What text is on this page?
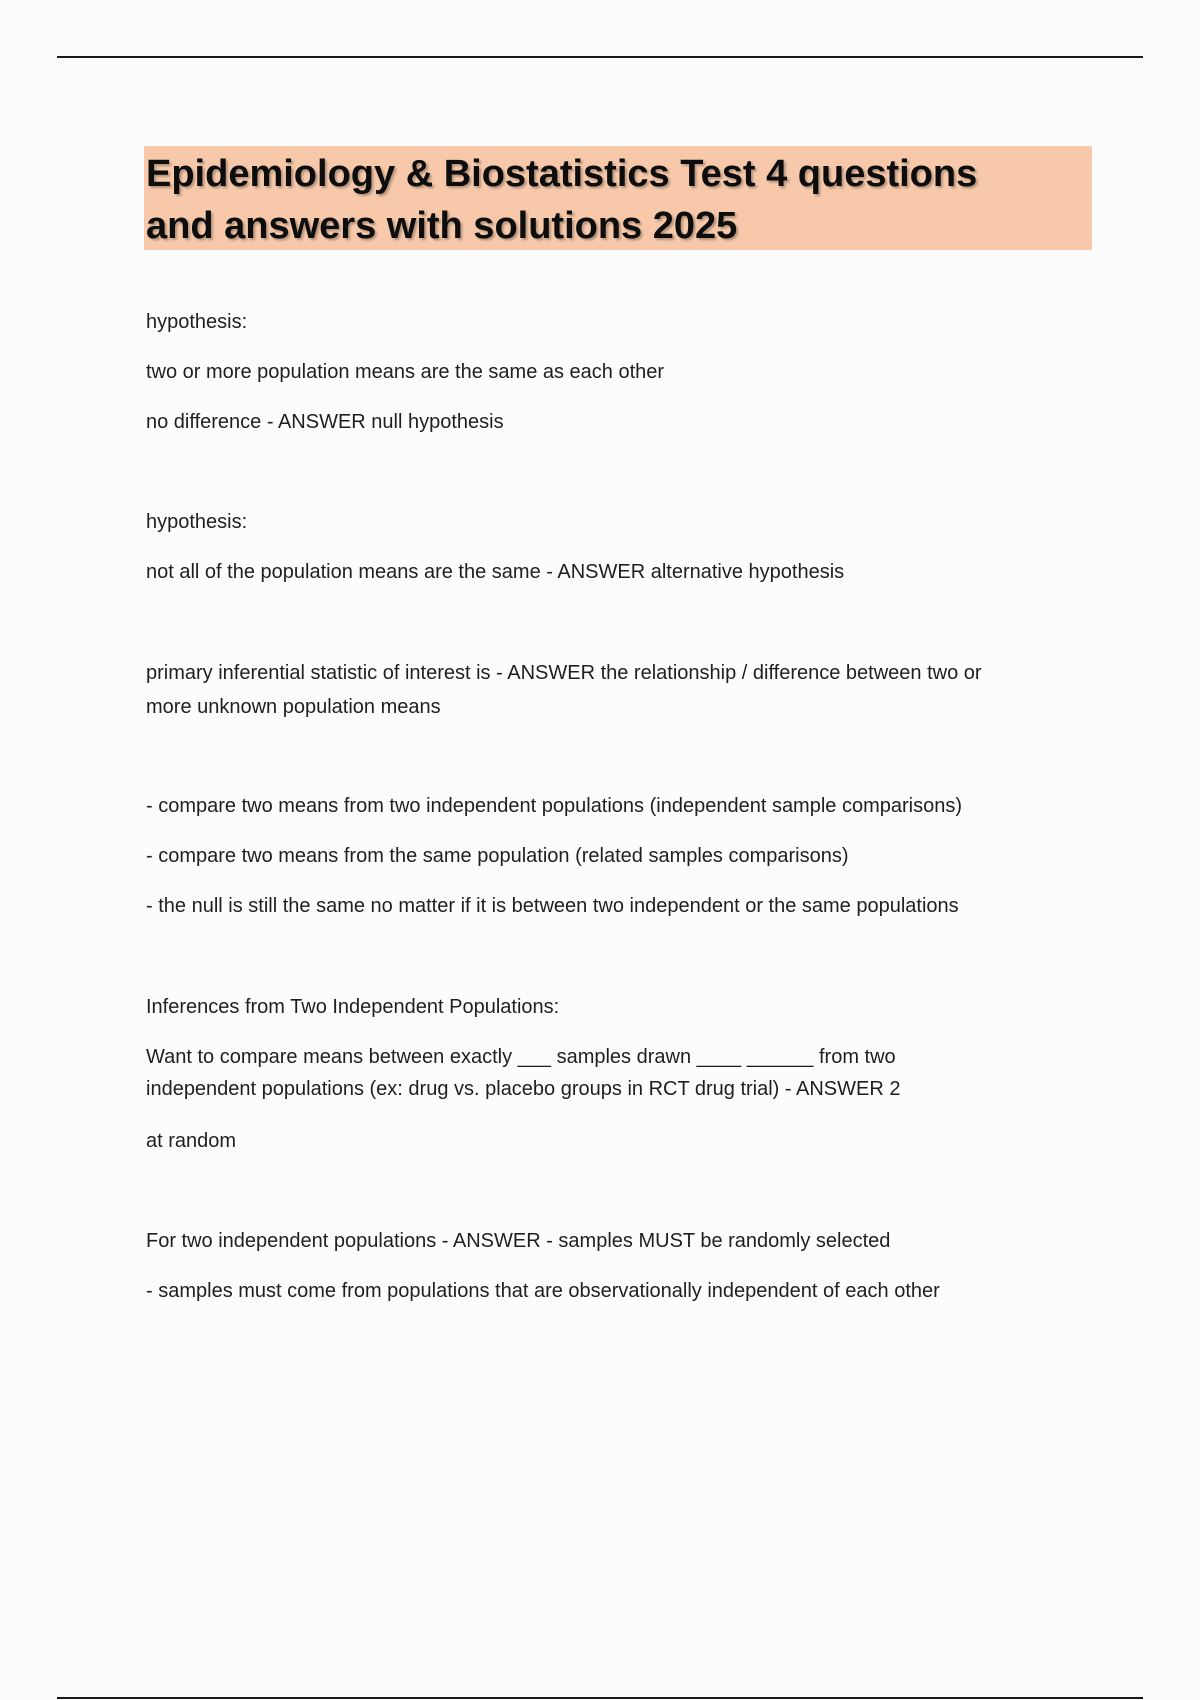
Epidemiology & Biostatistics Test 4 questions

and answers with solutions 2025

hypothesis:

two or more population means are the same as each other

no difference - ANSWER null hypothesis

hypothesis:

not all of the population means are the same - ANSWER alternative hypothesis

primary inferential statistic of interest is - ANSWER the relationship / difference between two or

more unknown population means

- compare two means from two independent populations (independent sample comparisons)

- compare two means from the same population (related samples comparisons)

- the null is still the same no matter if it is between two independent or the same populations

Inferences from Two Independent Populations:

Want to compare means between exactly ___ samples drawn ____ ______ from two

independent populations (ex: drug vs. placebo groups in RCT drug trial) - ANSWER 2

at random

For two independent populations - ANSWER - samples MUST be randomly selected

- samples must come from populations that are observationally independent of each other
